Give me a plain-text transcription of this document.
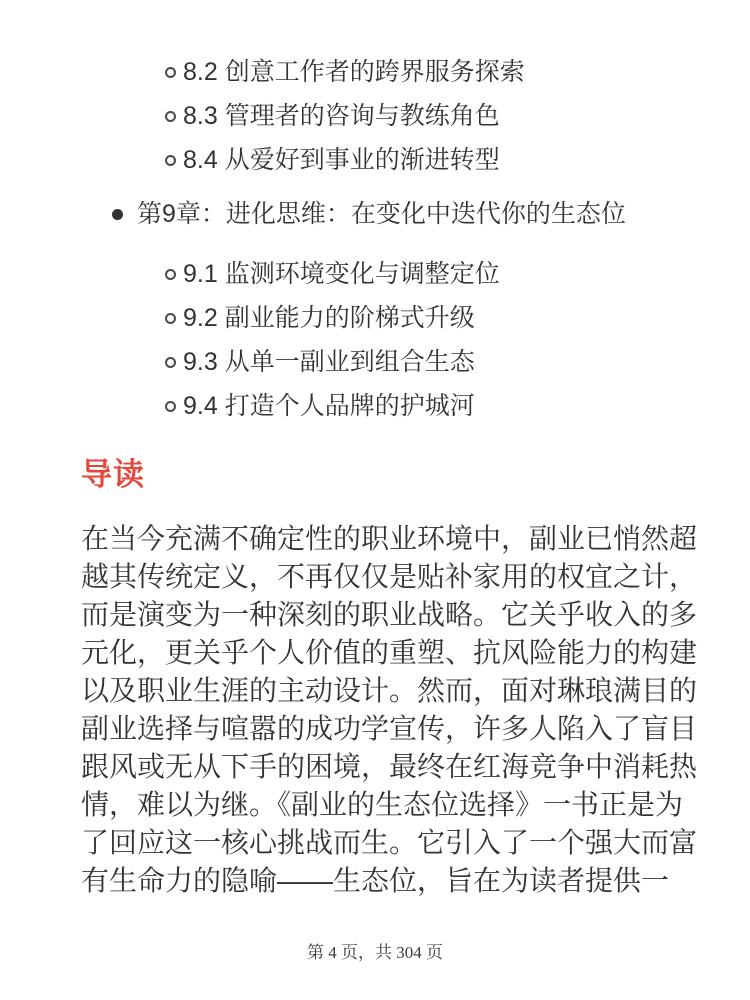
8.2 创意工作者的跨界服务探索
8.3 管理者的咨询与教练角色
8.4 从爱好到事业的渐进转型
第9章：进化思维：在变化中迭代你的生态位
9.1 监测环境变化与调整定位
9.2 副业能力的阶梯式升级
9.3 从单一副业到组合生态
9.4 打造个人品牌的护城河
导读
在当今充满不确定性的职业环境中，副业已悄然超
越其传统定义，不再仅仅是贴补家用的权宜之计，
而是演变为一种深刻的职业战略。它关乎收入的多
元化，更关乎个人价值的重塑、抗风险能力的构建
以及职业生涯的主动设计。然而，面对琳琅满目的
副业选择与喧嚣的成功学宣传，许多人陷入了盲目
跟风或无从下手的困境，最终在红海竞争中消耗热
情，难以为继。《副业的生态位选择》一书正是为
了回应这一核心挑战而生。它引入了一个强大而富
有生命力的隐喻——生态位，旨在为读者提供一
第 4 页，共 304 页
